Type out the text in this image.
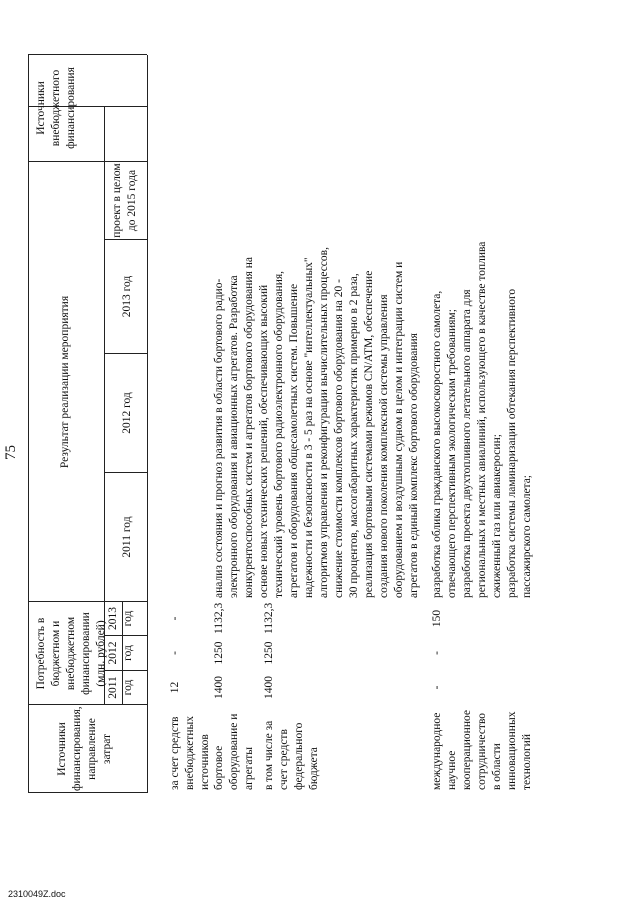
75
Источники финансирования, направление затрат
Потребность в бюджетном и внебюджетном финансировании (млн. рублей)
2011 год
2012 год
2013 год
Результат реализации мероприятия
2011 год
2012 год
2013 год
проект в целом до 2015 года
Источники внебюджетного финансирования
за счет средств внебюджетных источников
12
-
-
бортовое оборудование и агрегаты
1400
1250
1132,3
анализ состояния и прогноз развития в области бортового радио- электронного оборудования и авиационных агрегатов. Разработка конкурентоспособных систем и агрегатов бортового оборудования на основе новых технических решений, обеспечивающих высокий технический уровень бортового радиоэлектронного оборудования, агрегатов и оборудования общесамолетных систем. Повышение надежности и безопасности в 3 - 5 раз на основе "интеллектуальных" алгоритмов управления и реконфигурации вычислительных процессов, снижение стоимости комплексов бортового оборудования на 20 - 30 процентов, массогабаритных характеристик примерно в 2 раза, реализация бортовыми системами режимов CN/ATM, обеспечение создания нового поколения комплексной системы управления оборудованием и воздушным судном в целом и интеграции систем и агрегатов в единый комплекс бортового оборудования
в том числе за счет средств федерального бюджета
1400
1250
1132,3
международное научное кооперационное сотрудничество в области инновационных технологий
-
-
150
разработка облика гражданского высокоскоростного самолета, отвечающего перспективным экологическим требованиям; разработка проекта двухтопливного летательного аппарата для региональных и местных авиалиний, использующего в качестве топлива сжиженный газ или авиакеросин; разработка системы ламинаризации обтекания перспективного пассажирского самолета;
2310049Z.doc
